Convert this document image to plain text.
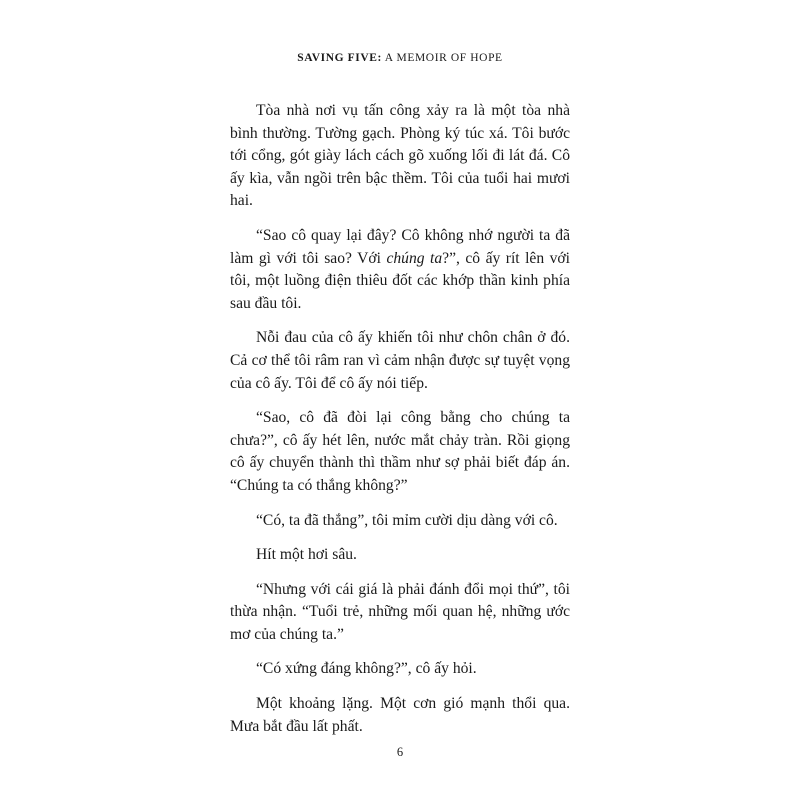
SAVING FIVE: A MEMOIR OF HOPE

Tòa nhà nơi vụ tấn công xảy ra là một tòa nhà bình thường. Tường gạch. Phòng ký túc xá. Tôi bước tới cổng, gót giày lách cách gõ xuống lối đi lát đá. Cô ấy kìa, vẫn ngồi trên bậc thềm. Tôi của tuổi hai mươi hai.

“Sao cô quay lại đây? Cô không nhớ người ta đã làm gì với tôi sao? Với chúng ta?”, cô ấy rít lên với tôi, một luồng điện thiêu đốt các khớp thần kinh phía sau đầu tôi.

Nỗi đau của cô ấy khiến tôi như chôn chân ở đó. Cả cơ thể tôi râm ran vì cảm nhận được sự tuyệt vọng của cô ấy. Tôi để cô ấy nói tiếp.

“Sao, cô đã đòi lại công bằng cho chúng ta chưa?”, cô ấy hét lên, nước mắt chảy tràn. Rồi giọng cô ấy chuyển thành thì thầm như sợ phải biết đáp án. “Chúng ta có thắng không?”

“Có, ta đã thắng”, tôi mỉm cười dịu dàng với cô.

Hít một hơi sâu.

“Nhưng với cái giá là phải đánh đổi mọi thứ”, tôi thừa nhận. “Tuổi trẻ, những mối quan hệ, những ước mơ của chúng ta.”

“Có xứng đáng không?”, cô ấy hỏi.

Một khoảng lặng. Một cơn gió mạnh thổi qua. Mưa bắt đầu lất phất.

6
